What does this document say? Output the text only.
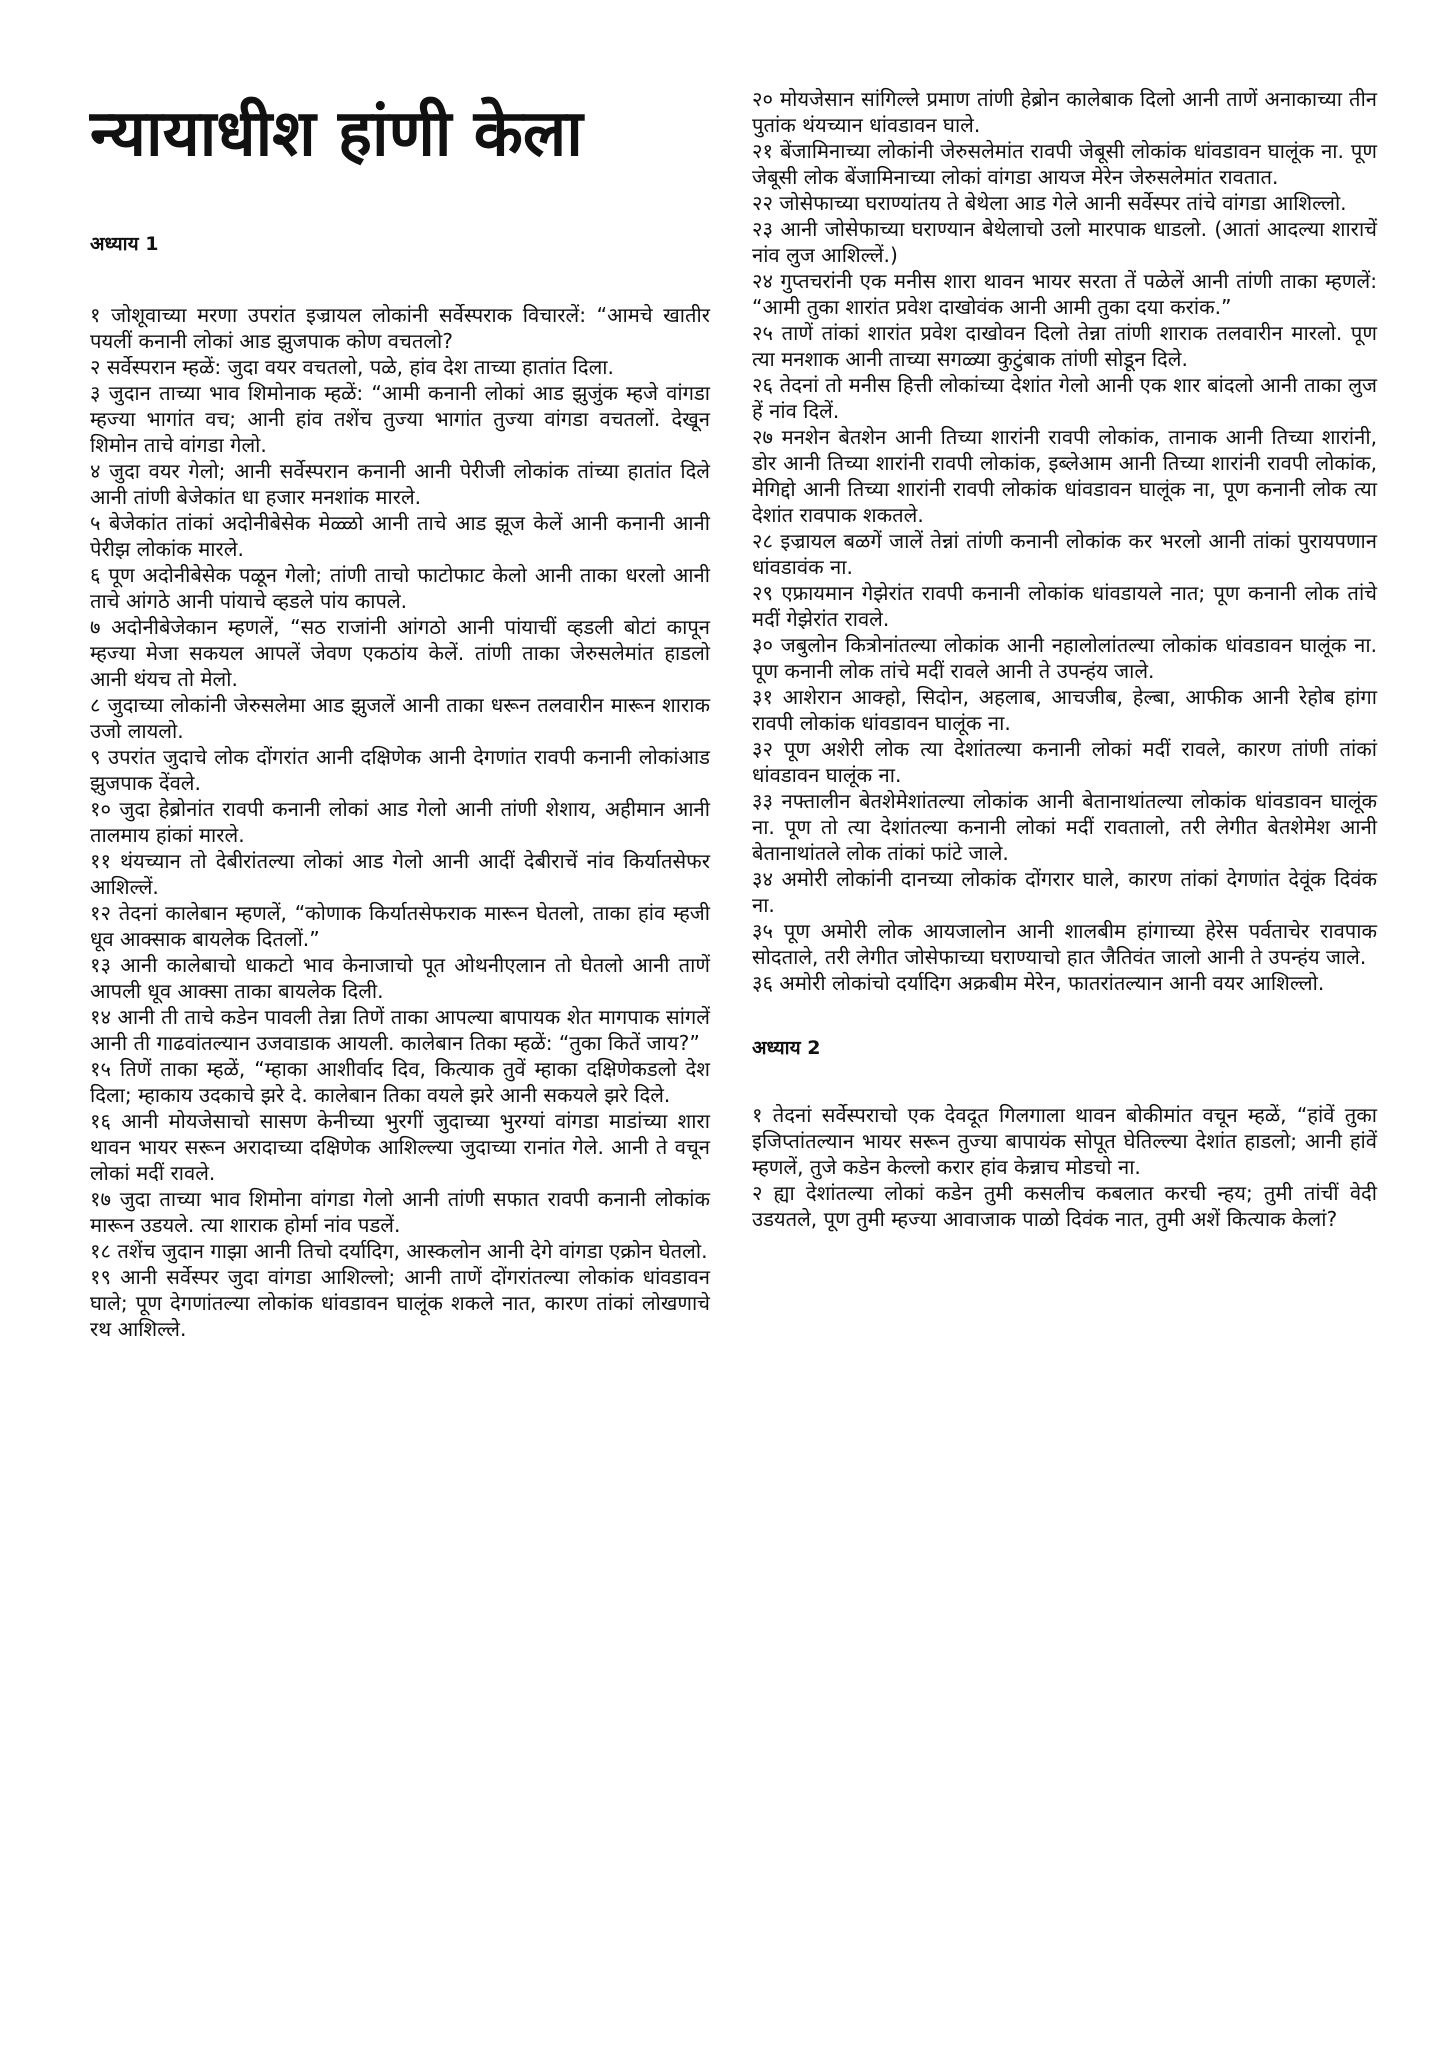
न्यायाधीश हांणी केला
अध्याय 1

१ जोशूवाच्या मरणा उपरांत इज्रायल लोकांनी सर्वेस्पराक विचारलें: “आमचे खातीर पयलीं कनानी लोकां आड झुजपाक कोण वचतलो?

२ सर्वेस्परान म्हळें: जुदा वयर वचतलो, पळे, हांव देश ताच्या हातांत दिला.

३ जुदान ताच्या भाव शिमोनाक म्हळें: “आमी कनानी लोकां आड झुजुंक म्हजे वांगडा म्हज्या भागांत वच; आनी हांव तशेंच तुज्या भागांत तुज्या वांगडा वचतलों. देखून शिमोन ताचे वांगडा गेलो.

४ जुदा वयर गेलो; आनी सर्वेस्परान कनानी आनी पेरीजी लोकांक तांच्या हातांत दिले आनी तांणी बेजेकांत धा हजार मनशांक मारले.

५ बेजेकांत तांकां अदोनीबेसेक मेळ्ळो आनी ताचे आड झूज केलें आनी कनानी आनी पेरीझ लोकांक मारले.

६ पूण अदोनीबेसेक पळून गेलो; तांणी ताचो फाटोफाट केलो आनी ताका धरलो आनी ताचे आंगठे आनी पांयाचे व्हडले पांय कापले.

७ अदोनीबेजेकान म्हणलें, “सठ राजांनी आंगठो आनी पांयाचीं व्हडली बोटां कापून म्हज्या मेजा सकयल आपलें जेवण एकठांय केलें. तांणी ताका जेरुसलेमांत हाडलो आनी थंयच तो मेलो.

८ जुदाच्या लोकांनी जेरुसलेमा आड झुजलें आनी ताका धरून तलवारीन मारून शाराक उजो लायलो.

९ उपरांत जुदाचे लोक दोंगरांत आनी दक्षिणेक आनी देगणांत रावपी कनानी लोकांआड झुजपाक देंवले.

१० जुदा हेब्रोनांत रावपी कनानी लोकां आड गेलो आनी तांणी शेशाय, अहीमान आनी तालमाय हांकां मारले.

११ थंयच्यान तो देबीरांतल्या लोकां आड गेलो आनी आदीं देबीराचें नांव किर्यातसेफर आशिल्लें.

१२ तेदनां कालेबान म्हणलें, “कोणाक किर्यातसेफराक मारून घेतलो, ताका हांव म्हजी धूव आक्साक बायलेक दितलों.”

१३ आनी कालेबाचो धाकटो भाव केनाजाचो पूत ओथनीएलान तो घेतलो आनी ताणें आपली धूव आक्सा ताका बायलेक दिली.

१४ आनी ती ताचे कडेन पावली तेन्ना तिणें ताका आपल्या बापायक शेत मागपाक सांगलें आनी ती गाढवांतल्यान उजवाडाक आयली. कालेबान तिका म्हळें: “तुका कितें जाय?”

१५ तिणें ताका म्हळें, “म्हाका आशीर्वाद दिव, कित्याक तुवें म्हाका दक्षिणेकडलो देश दिला; म्हाकाय उदकाचे झरे दे. कालेबान तिका वयले झरे आनी सकयले झरे दिले.

१६ आनी मोयजेसाचो सासण केनीच्या भुरगीं जुदाच्या भुरग्यां वांगडा माडांच्या शारा थावन भायर सरून अरादाच्या दक्षिणेक आशिल्ल्या जुदाच्या रानांत गेले. आनी ते वचून लोकां मदीं रावले.

१७ जुदा ताच्या भाव शिमोना वांगडा गेलो आनी तांणी सफात रावपी कनानी लोकांक मारून उडयले. त्या शाराक होर्मा नांव पडलें.

१८ तशेंच जुदान गाझा आनी तिचो दर्यादिग, आस्कलोन आनी देगे वांगडा एक्रोन घेतलो.

१९ आनी सर्वेस्पर जुदा वांगडा आशिल्लो; आनी ताणें दोंगरांतल्या लोकांक धांवडावन घाले; पूण देगणांतल्या लोकांक धांवडावन घालूंक शकले नात, कारण तांकां लोखणाचे रथ आशिल्ले.

२० मोयजेसान सांगिल्ले प्रमाण तांणी हेब्रोन कालेबाक दिलो आनी ताणें अनाकाच्या तीन पुतांक थंयच्यान धांवडावन घाले.

२१ बेंजामिनाच्या लोकांनी जेरुसलेमांत रावपी जेबूसी लोकांक धांवडावन घालूंक ना. पूण जेबूसी लोक बेंजामिनाच्या लोकां वांगडा आयज मेरेन जेरुसलेमांत रावतात.

२२ जोसेफाच्या घराण्यांतय ते बेथेला आड गेले आनी सर्वेस्पर तांचे वांगडा आशिल्लो.

२३ आनी जोसेफाच्या घराण्यान बेथेलाचो उलो मारपाक धाडलो. (आतां आदल्या शाराचें नांव लुज आशिल्लें.)

२४ गुप्तचरांनी एक मनीस शारा थावन भायर सरता तें पळेलें आनी तांणी ताका म्हणलें: “आमी तुका शारांत प्रवेश दाखोवंक आनी आमी तुका दया करांक.”

२५ ताणें तांकां शारांत प्रवेश दाखोवन दिलो तेन्ना तांणी शाराक तलवारीन मारलो. पूण त्या मनशाक आनी ताच्या सगळ्या कुटुंबाक तांणी सोडून दिले.

२६ तेदनां तो मनीस हित्ती लोकांच्या देशांत गेलो आनी एक शार बांदलो आनी ताका लुज हें नांव दिलें.

२७ मनशेन बेतशेन आनी तिच्या शारांनी रावपी लोकांक, तानाक आनी तिच्या शारांनी, डोर आनी तिच्या शारांनी रावपी लोकांक, इब्लेआम आनी तिच्या शारांनी रावपी लोकांक, मेगिद्दो आनी तिच्या शारांनी रावपी लोकांक धांवडावन घालूंक ना, पूण कनानी लोक त्या देशांत रावपाक शकतले.

२८ इज्रायल बळगें जालें तेन्नां तांणी कनानी लोकांक कर भरलो आनी तांकां पुरायपणान धांवडावंक ना.

२९ एफ्रायमान गेझेरांत रावपी कनानी लोकांक धांवडायले नात; पूण कनानी लोक तांचे मदीं गेझेरांत रावले.

३० जबुलोन कित्रोनांतल्या लोकांक आनी नहालोलांतल्या लोकांक धांवडावन घालूंक ना. पूण कनानी लोक तांचे मदीं रावले आनी ते उपन्हंय जाले.

३१ आशेरान आक्हो, सिदोन, अहलाब, आचजीब, हेल्बा, आफीक आनी रेहोब हांगा रावपी लोकांक धांवडावन घालूंक ना.

३२ पूण अशेरी लोक त्या देशांतल्या कनानी लोकां मदीं रावले, कारण तांणी तांकां धांवडावन घालूंक ना.

३३ नफ्तालीन बेतशेमेशांतल्या लोकांक आनी बेतानाथांतल्या लोकांक धांवडावन घालूंक ना. पूण तो त्या देशांतल्या कनानी लोकां मदीं रावतालो, तरी लेगीत बेतशेमेश आनी बेतानाथांतले लोक तांकां फांटे जाले.

३४ अमोरी लोकांनी दानच्या लोकांक दोंगरार घाले, कारण तांकां देगणांत देवूंक दिवंक ना.

३५ पूण अमोरी लोक आयजालोन आनी शालबीम हांगाच्या हेरेस पर्वताचेर रावपाक सोदताले, तरी लेगीत जोसेफाच्या घराण्याचो हात जैतिवंत जालो आनी ते उपन्हंय जाले.

३६ अमोरी लोकांचो दर्यादिग अक्रबीम मेरेन, फातरांतल्यान आनी वयर आशिल्लो.

अध्याय 2

१ तेदनां सर्वेस्पराचो एक देवदूत गिलगाला थावन बोकीमांत वचून म्हळें, “हांवें तुका इजिप्तांतल्यान भायर सरून तुज्या बापायंक सोपूत घेतिल्ल्या देशांत हाडलो; आनी हांवें म्हणलें, तुजे कडेन केल्लो करार हांव केन्नाच मोडचो ना.

२ ह्या देशांतल्या लोकां कडेन तुमी कसलीच कबलात करची न्हय; तुमी तांचीं वेदी उडयतले, पूण तुमी म्हज्या आवाजाक पाळो दिवंक नात, तुमी अशें कित्याक केलां?
